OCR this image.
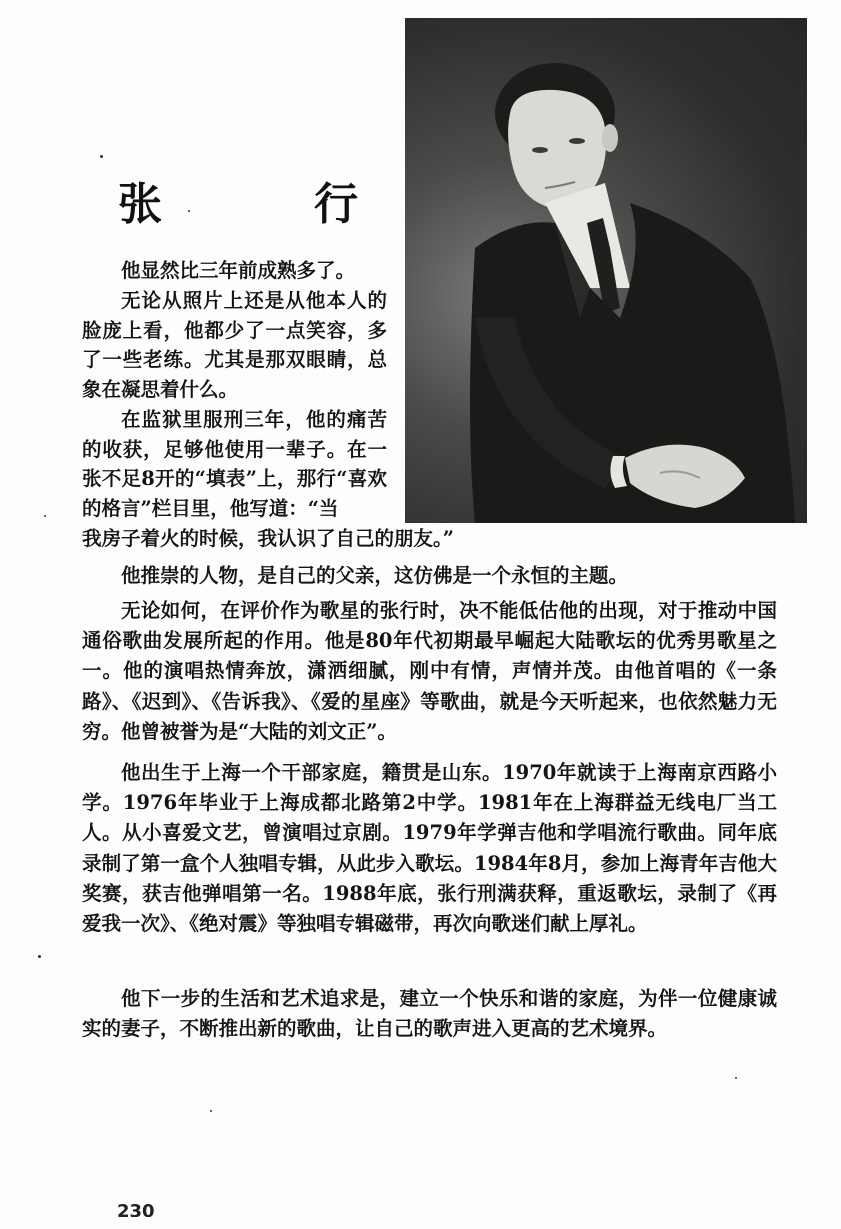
张	行

他显然比三年前成熟多了。

无论从照片上还是从他本人的脸庞上看，他都少了一点笑容，多了一些老练。尤其是那双眼睛，总象在凝思着什么。

在监狱里服刑三年，他的痛苦的收获，足够他使用一辈子。在一张不足8开的“填表”上，那行“喜欢的格言”栏目里，他写道：“当

我房子着火的时候，我认识了自己的朋友。”

他推崇的人物，是自己的父亲，这仿佛是一个永恒的主题。

无论如何，在评价作为歌星的张行时，决不能低估他的出现，对于推动中国通俗歌曲发展所起的作用。他是80年代初期最早崛起大陆歌坛的优秀男歌星之一。他的演唱热情奔放，潇洒细腻，刚中有情，声情并茂。由他首唱的《一条路》、《迟到》、《告诉我》、《爱的星座》等歌曲，就是今天听起来，也依然魅力无穷。他曾被誉为是“大陆的刘文正”。

他出生于上海一个干部家庭，籍贯是山东。1970年就读于上海南京西路小学。1976年毕业于上海成都北路第2中学。1981年在上海群益无线电厂当工人。从小喜爱文艺，曾演唱过京剧。1979年学弹吉他和学唱流行歌曲。同年底录制了第一盒个人独唱专辑，从此步入歌坛。1984年8月，参加上海青年吉他大奖赛，获吉他弹唱第一名。1988年底，张行刑满获释，重返歌坛，录制了《再爱我一次》、《绝对震》等独唱专辑磁带，再次向歌迷们献上厚礼。

他下一步的生活和艺术追求是，建立一个快乐和谐的家庭，为伴一位健康诚实的妻子，不断推出新的歌曲，让自己的歌声进入更高的艺术境界。

230
